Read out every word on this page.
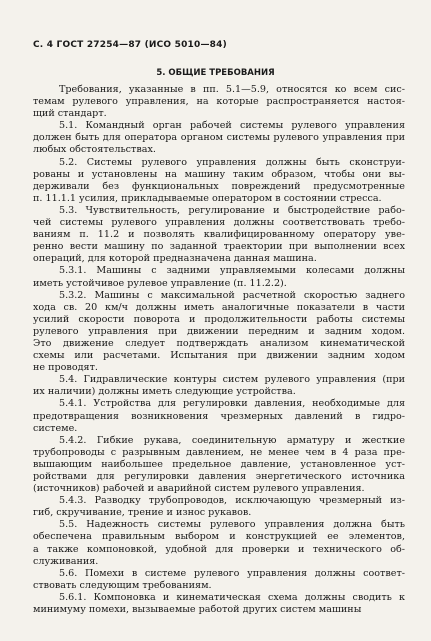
С. 4 ГОСТ 27254—87 (ИСО 5010—84)
5. ОБЩИЕ ТРЕБОВАНИЯ

Требования, указанные в пп. 5.1—5.9, относятся ко всем сис-
темам рулевого управления, на которые распространяется настоя-
щий стандарт.

5.1. Командный орган рабочей системы рулевого управления
должен быть для оператора органом системы рулевого управления при
любых обстоятельствах.

5.2. Системы рулевого управления должны быть сконструи-
рованы и установлены на машину таким образом, чтобы они вы-
держивали без функциональных повреждений предусмотренные
п. 11.1.1 усилия, прикладываемые оператором в состоянии стресса.

5.3. Чувствительность, регулирование и быстродействие рабо-
чей системы рулевого управления должны соответствовать требо-
ваниям п. 11.2 и позволять квалифицированному оператору уве-
ренно вести машину по заданной траектории при выполнении всех
операций, для которой предназначена данная машина.

5.3.1. Машины с задними управляемыми колесами должны
иметь устойчивое рулевое управление (п. 11.2.2).

5.3.2. Машины с максимальной расчетной скоростью заднего
хода св. 20 км/ч должны иметь аналогичные показатели в части
усилий скорости поворота и продолжительности работы системы
рулевого управления при движении передним и задним ходом.
Это движение следует подтверждать анализом кинематической
схемы или расчетами. Испытания при движении задним ходом
не проводят.

5.4. Гидравлические контуры систем рулевого управления (при
их наличии) должны иметь следующие устройства.

5.4.1. Устройства для регулировки давления, необходимые для
предотвращения возникновения чрезмерных давлений в гидро-
системе.

5.4.2. Гибкие рукава, соединительную арматуру и жесткие
трубопроводы с разрывным давлением, не менее чем в 4 раза пре-
вышающим наибольшее предельное давление, установленное уст-
ройствами для регулировки давления энергетического источника
(источников) рабочей и аварийной систем рулевого управления.

5.4.3. Разводку трубопроводов, исключающую чрезмерный из-
гиб, скручивание, трение и износ рукавов.

5.5. Надежность системы рулевого управления должна быть
обеспечена правильным выбором и конструкцией ее элементов,
а также компоновкой, удобной для проверки и технического об-
служивания.

5.6. Помехи в системе рулевого управления должны соответ-
ствовать следующим требованиям.

5.6.1. Компоновка и кинематическая схема должны сводить к
минимуму помехи, вызываемые работой других систем машины
